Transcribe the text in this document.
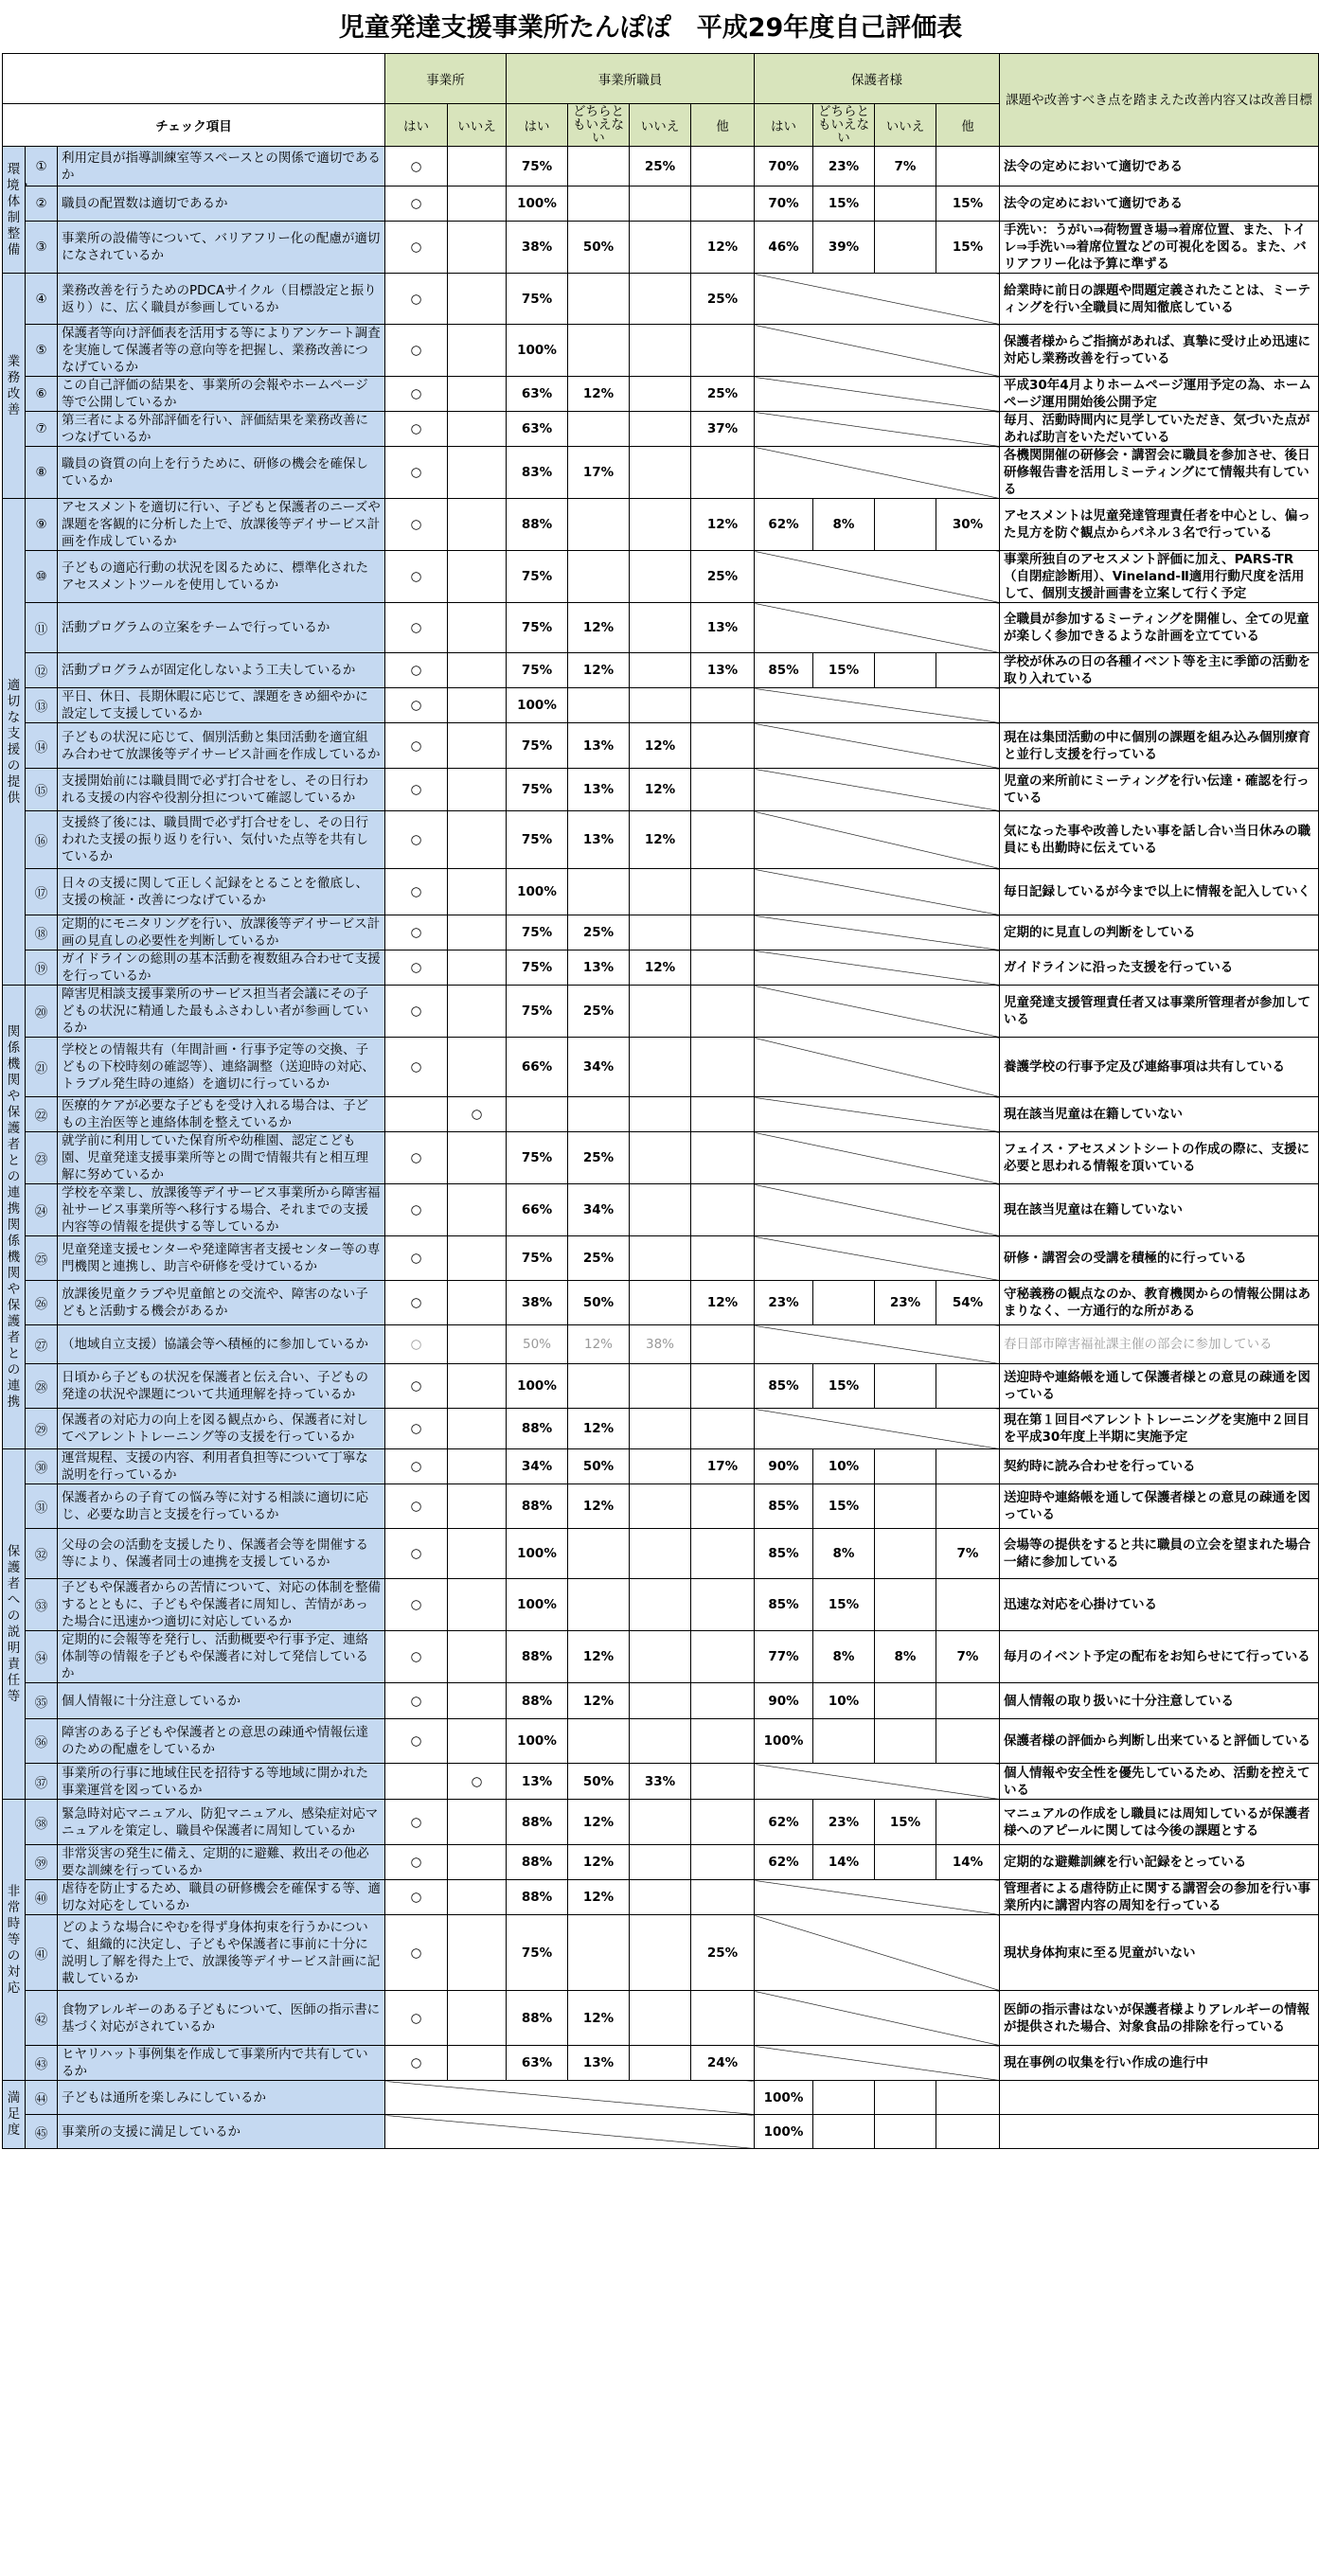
児童発達支援事業所たんぽぽ　平成29年度自己評価表
			事業所		事業所職員				保護者様				課題や改善すべき点を踏まえた改善内容又は改善目標
チェック項目			はい	いいえ	はい	どちらともいえない	いいえ	他	はい	どちらともいえない	いいえ	他	
環境・体制整備	①	利用定員が指導訓練室等スペースとの関係で適切であるか	○		75%		25%		70%	23%	7%		法令の定めにおいて適切である
	②	職員の配置数は適切であるか	○		100%				70%	15%		15%	法令の定めにおいて適切である
	③	事業所の設備等について、バリアフリー化の配慮が適切になされているか	○		38%	50%		12%	46%	39%		15%	手洗い：うがい⇒荷物置き場⇒着席位置、また、トイレ⇒手洗い⇒着席位置などの可視化を図る。また、バリアフリー化は予算に準ずる
業務改善	④	業務改善を行うためのPDCAサイクル（目標設定と振り返り）に、広く職員が参画しているか	○		75%			25%					給業時に前日の課題や問題定義されたことは、ミーティングを行い全職員に周知徹底している
	⑤	保護者等向け評価表を活用する等によりアンケート調査を実施して保護者等の意向等を把握し、業務改善につなげているか	○		100%								保護者様からご指摘があれば、真摯に受け止め迅速に対応し業務改善を行っている
	⑥	この自己評価の結果を、事業所の会報やホームページ等で公開しているか	○		63%	12%		25%					平成30年4月よりホームページ運用予定の為、ホームページ運用開始後公開予定
	⑦	第三者による外部評価を行い、評価結果を業務改善につなげているか	○		63%			37%					毎月、活動時間内に見学していただき、気づいた点があれば助言をいただいている
	⑧	職員の資質の向上を行うために、研修の機会を確保しているか	○		83%	17%							各機関開催の研修会・講習会に職員を参加させ、後日研修報告書を活用しミーティングにて情報共有している
適切な支援の提供	⑨	アセスメントを適切に行い、子どもと保護者のニーズや課題を客観的に分析した上で、放課後等デイサービス計画を作成しているか	○		88%			12%	62%	8%		30%	アセスメントは児童発達管理責任者を中心とし、偏った見方を防ぐ観点からパネル３名で行っている
	⑩	子どもの適応行動の状況を図るために、標準化されたアセスメントツールを使用しているか	○		75%			25%					事業所独自のアセスメント評価に加え、PARS-TR（自閉症診断用）、Vineland-Ⅱ適用行動尺度を活用して、個別支援計画書を立案して行く予定
	⑪	活動プログラムの立案をチームで行っているか	○		75%	12%		13%					全職員が参加するミーティングを開催し、全ての児童が楽しく参加できるような計画を立てている
	⑫	活動プログラムが固定化しないよう工夫しているか	○		75%	12%		13%	85%	15%			学校が休みの日の各種イベント等を主に季節の活動を取り入れている
	⑬	平日、休日、長期休暇に応じて、課題をきめ細やかに設定して支援しているか	○		100%								
	⑭	子どもの状況に応じて、個別活動と集団活動を適宜組み合わせて放課後等デイサービス計画を作成しているか	○		75%	13%	12%						現在は集団活動の中に個別の課題を組み込み個別療育と並行し支援を行っている
	⑮	支援開始前には職員間で必ず打合せをし、その日行われる支援の内容や役割分担について確認しているか	○		75%	13%	12%						児童の来所前にミーティングを行い伝達・確認を行っている
	⑯	支援終了後には、職員間で必ず打合せをし、その日行われた支援の振り返りを行い、気付いた点等を共有しているか	○		75%	13%	12%						気になった事や改善したい事を話し合い当日休みの職員にも出勤時に伝えている
	⑰	日々の支援に関して正しく記録をとることを徹底し、支援の検証・改善につなげているか	○		100%								毎日記録しているが今まで以上に情報を記入していく
	⑱	定期的にモニタリングを行い、放課後等デイサービス計画の見直しの必要性を判断しているか	○		75%	25%							定期的に見直しの判断をしている
	⑲	ガイドラインの総則の基本活動を複数組み合わせて支援を行っているか	○		75%	13%	12%						ガイドラインに沿った支援を行っている
関係機関や保護者との連携関係機関や保護者との連携	⑳	障害児相談支援事業所のサービス担当者会議にその子どもの状況に精通した最もふさわしい者が参画しているか	○		75%	25%							児童発達支援管理責任者又は事業所管理者が参加している
	㉑	学校との情報共有（年間計画・行事予定等の交換、子どもの下校時刻の確認等）、連絡調整（送迎時の対応、トラブル発生時の連絡）を適切に行っているか	○		66%	34%							養護学校の行事予定及び連絡事項は共有している
	㉒	医療的ケアが必要な子どもを受け入れる場合は、子どもの主治医等と連絡体制を整えているか		○									現在該当児童は在籍していない
	㉓	就学前に利用していた保育所や幼稚園、認定こども園、児童発達支援事業所等との間で情報共有と相互理解に努めているか	○		75%	25%							フェイス・アセスメントシートの作成の際に、支援に必要と思われる情報を頂いている
	㉔	学校を卒業し、放課後等デイサービス事業所から障害福祉サービス事業所等へ移行する場合、それまでの支援内容等の情報を提供する等しているか	○		66%	34%							現在該当児童は在籍していない
	㉕	児童発達支援センターや発達障害者支援センター等の専門機関と連携し、助言や研修を受けているか	○		75%	25%							研修・講習会の受講を積極的に行っている
	㉖	放課後児童クラブや児童館との交流や、障害のない子どもと活動する機会があるか	○		38%	50%		12%	23%		23%	54%	守秘義務の観点なのか、教育機関からの情報公開はあまりなく、一方通行的な所がある
	㉗	（地域自立支援）協議会等へ積極的に参加しているか	○		50%	12%	38%						春日部市障害福祉課主催の部会に参加している
	㉘	日頃から子どもの状況を保護者と伝え合い、子どもの発達の状況や課題について共通理解を持っているか	○		100%				85%	15%			送迎時や連絡帳を通して保護者様との意見の疎通を図っている
	㉙	保護者の対応力の向上を図る観点から、保護者に対してペアレントトレーニング等の支援を行っているか	○		88%	12%							現在第１回目ペアレントトレーニングを実施中２回目を平成30年度上半期に実施予定
保護者への説明責任等	㉚	運営規程、支援の内容、利用者負担等について丁寧な説明を行っているか	○		34%	50%		17%	90%	10%			契約時に読み合わせを行っている
	㉛	保護者からの子育ての悩み等に対する相談に適切に応じ、必要な助言と支援を行っているか	○		88%	12%			85%	15%			送迎時や連絡帳を通して保護者様との意見の疎通を図っている
	㉜	父母の会の活動を支援したり、保護者会等を開催する等により、保護者同士の連携を支援しているか	○		100%				85%	8%		7%	会場等の提供をすると共に職員の立会を望まれた場合一緒に参加している
	㉝	子どもや保護者からの苦情について、対応の体制を整備するとともに、子どもや保護者に周知し、苦情があった場合に迅速かつ適切に対応しているか	○		100%				85%	15%			迅速な対応を心掛けている
	㉞	定期的に会報等を発行し、活動概要や行事予定、連絡体制等の情報を子どもや保護者に対して発信しているか	○		88%	12%			77%	8%	8%	7%	毎月のイベント予定の配布をお知らせにて行っている
	㉟	個人情報に十分注意しているか	○		88%	12%			90%	10%			個人情報の取り扱いに十分注意している
	㊱	障害のある子どもや保護者との意思の疎通や情報伝達のための配慮をしているか	○		100%				100%				保護者様の評価から判断し出来ていると評価している
	㊲	事業所の行事に地域住民を招待する等地域に開かれた事業運営を図っているか		○	13%	50%	33%						個人情報や安全性を優先しているため、活動を控えている
非常時等の対応	㊳	緊急時対応マニュアル、防犯マニュアル、感染症対応マニュアルを策定し、職員や保護者に周知しているか	○		88%	12%			62%	23%	15%		マニュアルの作成をし職員には周知しているが保護者様へのアピールに関しては今後の課題とする
	㊴	非常災害の発生に備え、定期的に避難、救出その他必要な訓練を行っているか	○		88%	12%			62%	14%		14%	定期的な避難訓練を行い記録をとっている
	㊵	虐待を防止するため、職員の研修機会を確保する等、適切な対応をしているか	○		88%	12%							管理者による虐待防止に関する講習会の参加を行い事業所内に講習内容の周知を行っている
	㊶	どのような場合にやむを得ず身体拘束を行うかについて、組織的に決定し、子どもや保護者に事前に十分に説明し了解を得た上で、放課後等デイサービス計画に記載しているか	○		75%			25%					現状身体拘束に至る児童がいない
	㊷	食物アレルギーのある子どもについて、医師の指示書に基づく対応がされているか	○		88%	12%							医師の指示書はないが保護者様よりアレルギーの情報が提供された場合、対象食品の排除を行っている
	㊸	ヒヤリハット事例集を作成して事業所内で共有しているか	○		63%	13%		24%					現在事例の収集を行い作成の進行中
満足度	㊹	子どもは通所を楽しみにしているか							100%				
	㊺	事業所の支援に満足しているか							100%				
